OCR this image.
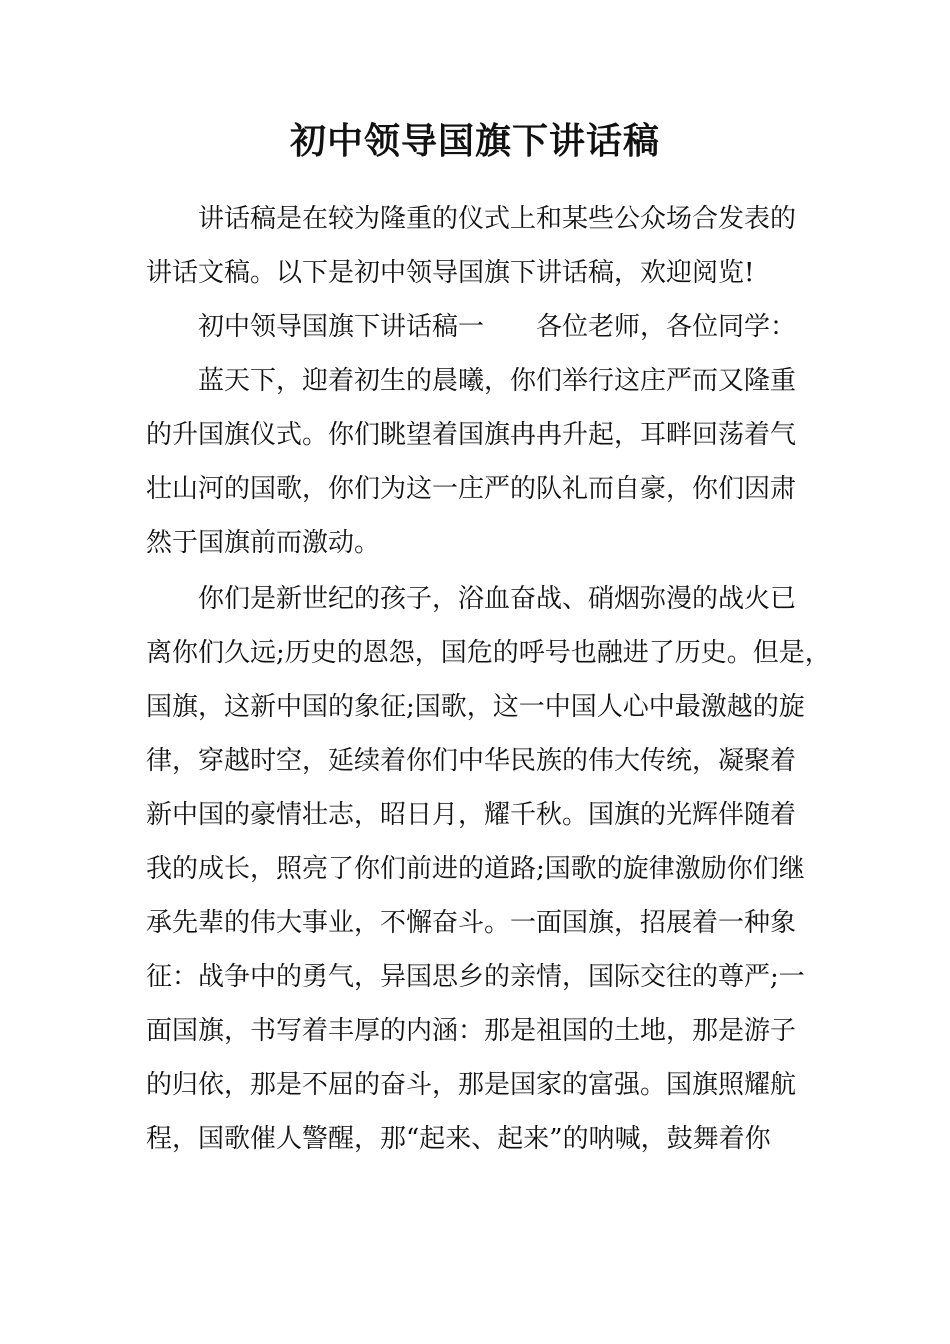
初中领导国旗下讲话稿
讲话稿是在较为隆重的仪式上和某些公众场合发表的
讲话文稿。以下是初中领导国旗下讲话稿，欢迎阅览!
初中领导国旗下讲话稿一　　各位老师，各位同学：
蓝天下，迎着初生的晨曦，你们举行这庄严而又隆重
的升国旗仪式。你们眺望着国旗冉冉升起，耳畔回荡着气
壮山河的国歌，你们为这一庄严的队礼而自豪，你们因肃
然于国旗前而激动。
你们是新世纪的孩子，浴血奋战、硝烟弥漫的战火已
离你们久远;历史的恩怨，国危的呼号也融进了历史。但是，
国旗，这新中国的象征;国歌，这一中国人心中最激越的旋
律，穿越时空，延续着你们中华民族的伟大传统，凝聚着
新中国的豪情壮志，昭日月，耀千秋。国旗的光辉伴随着
我的成长，照亮了你们前进的道路;国歌的旋律激励你们继
承先辈的伟大事业，不懈奋斗。一面国旗，招展着一种象
征：战争中的勇气，异国思乡的亲情，国际交往的尊严;一
面国旗，书写着丰厚的内涵：那是祖国的土地，那是游子
的归依，那是不屈的奋斗，那是国家的富强。国旗照耀航
程，国歌催人警醒，那“起来、起来”的呐喊，鼓舞着你
